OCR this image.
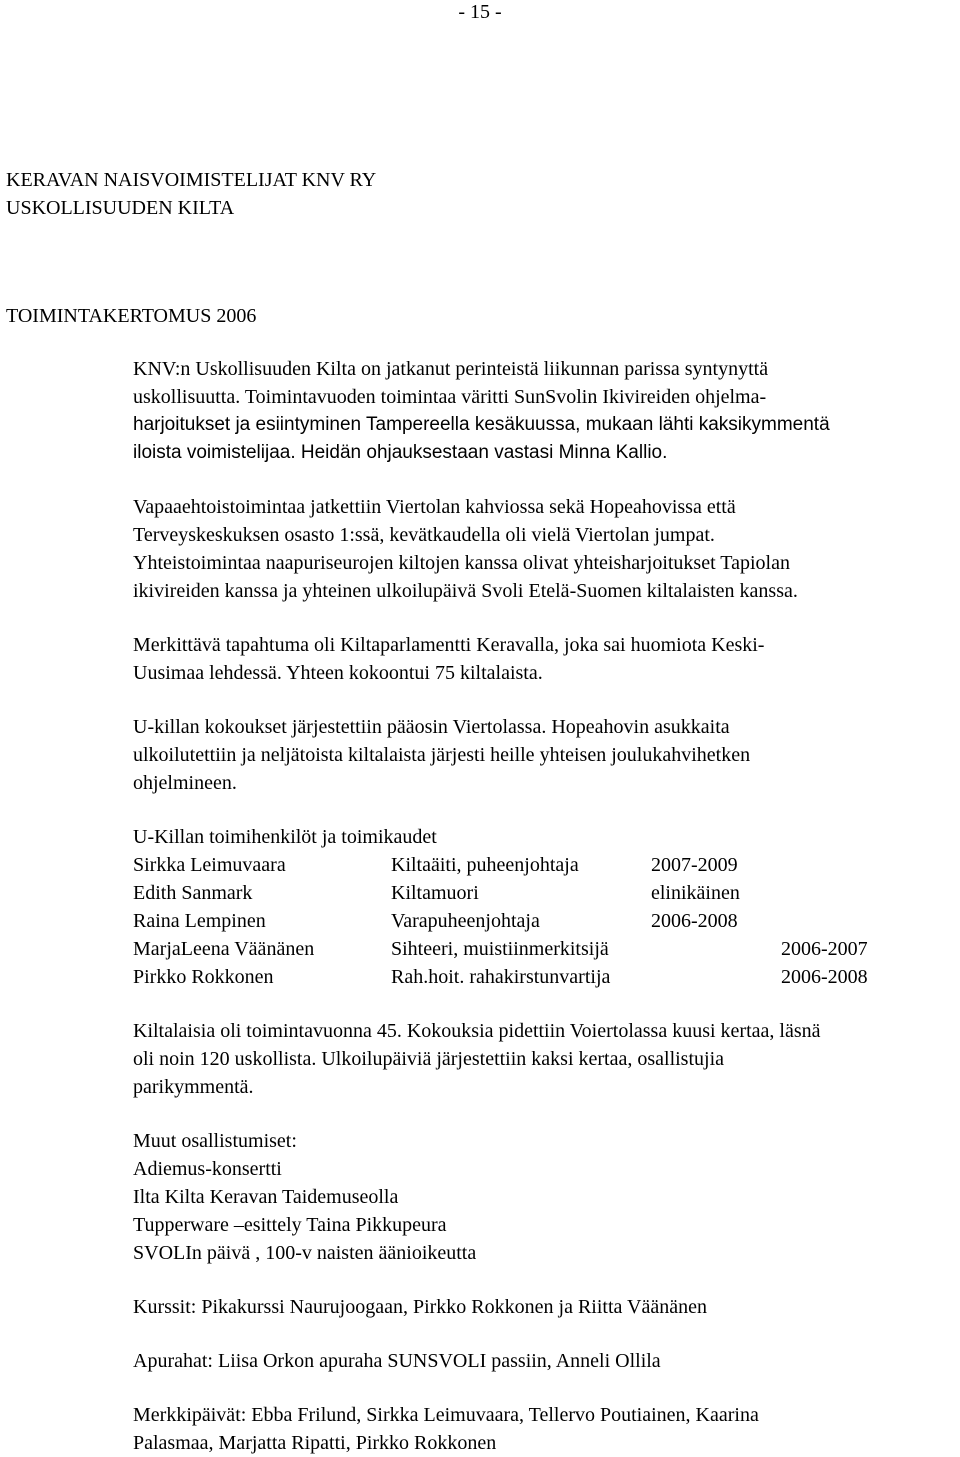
- 15 -
KERAVAN NAISVOIMISTELIJAT KNV RY
USKOLLISUUDEN KILTA
TOIMINTAKERTOMUS 2006
KNV:n Uskollisuuden Kilta on jatkanut perinteistä liikunnan parissa syntynyttä
uskollisuutta. Toimintavuoden toimintaa väritti SunSvolin Ikivireiden ohjelma-
harjoitukset ja esiintyminen Tampereella kesäkuussa, mukaan lähti kaksikymmentä
iloista voimistelijaa. Heidän ohjauksestaan vastasi Minna Kallio.
Vapaaehtoistoimintaa jatkettiin Viertolan kahviossa sekä Hopeahovissa että
Terveyskeskuksen osasto 1:ssä, kevätkaudella oli vielä Viertolan jumpat.
Yhteistoimintaa naapuriseurojen kiltojen kanssa olivat yhteisharjoitukset Tapiolan
ikivireiden kanssa ja yhteinen ulkoilupäivä Svoli Etelä-Suomen kiltalaisten kanssa.
Merkittävä tapahtuma oli Kiltaparlamentti Keravalla, joka sai huomiota Keski-
Uusimaa lehdessä. Yhteen kokoontui 75 kiltalaista.
U-killan kokoukset järjestettiin pääosin Viertolassa. Hopeahovin asukkaita
ulkoilutettiin ja neljätoista kiltalaista järjesti heille yhteisen joulukahvihetken
ohjelmineen.
U-Killan toimihenkilöt ja toimikaudet
Sirkka Leimuvaara	Kiltaäiti, puheenjohtaja	2007-2009
Edith Sanmark	Kiltamuori	elinikäinen
Raina Lempinen	Varapuheenjohtaja	2006-2008
MarjaLeena Väänänen	Sihteeri, muistiinmerkitsijä	2006-2007
Pirkko Rokkonen	Rah.hoit. rahakirstunvartija	2006-2008
Kiltalaisia oli toimintavuonna 45. Kokouksia pidettiin Voiertolassa kuusi kertaa, läsnä
oli noin 120 uskollista. Ulkoilupäiviä järjestettiin kaksi kertaa, osallistujia
parikymmentä.
Muut osallistumiset:
Adiemus-konsertti
Ilta Kilta Keravan Taidemuseolla
Tupperware –esittely Taina Pikkupeura
SVOLIn päivä , 100-v naisten äänioikeutta
Kurssit: Pikakurssi Naurujoogaan, Pirkko Rokkonen ja Riitta Väänänen
Apurahat: Liisa Orkon apuraha SUNSVOLI passiin, Anneli Ollila
Merkkipäivät: Ebba Frilund, Sirkka Leimuvaara, Tellervo Poutiainen, Kaarina
Palasmaa, Marjatta Ripatti, Pirkko Rokkonen
